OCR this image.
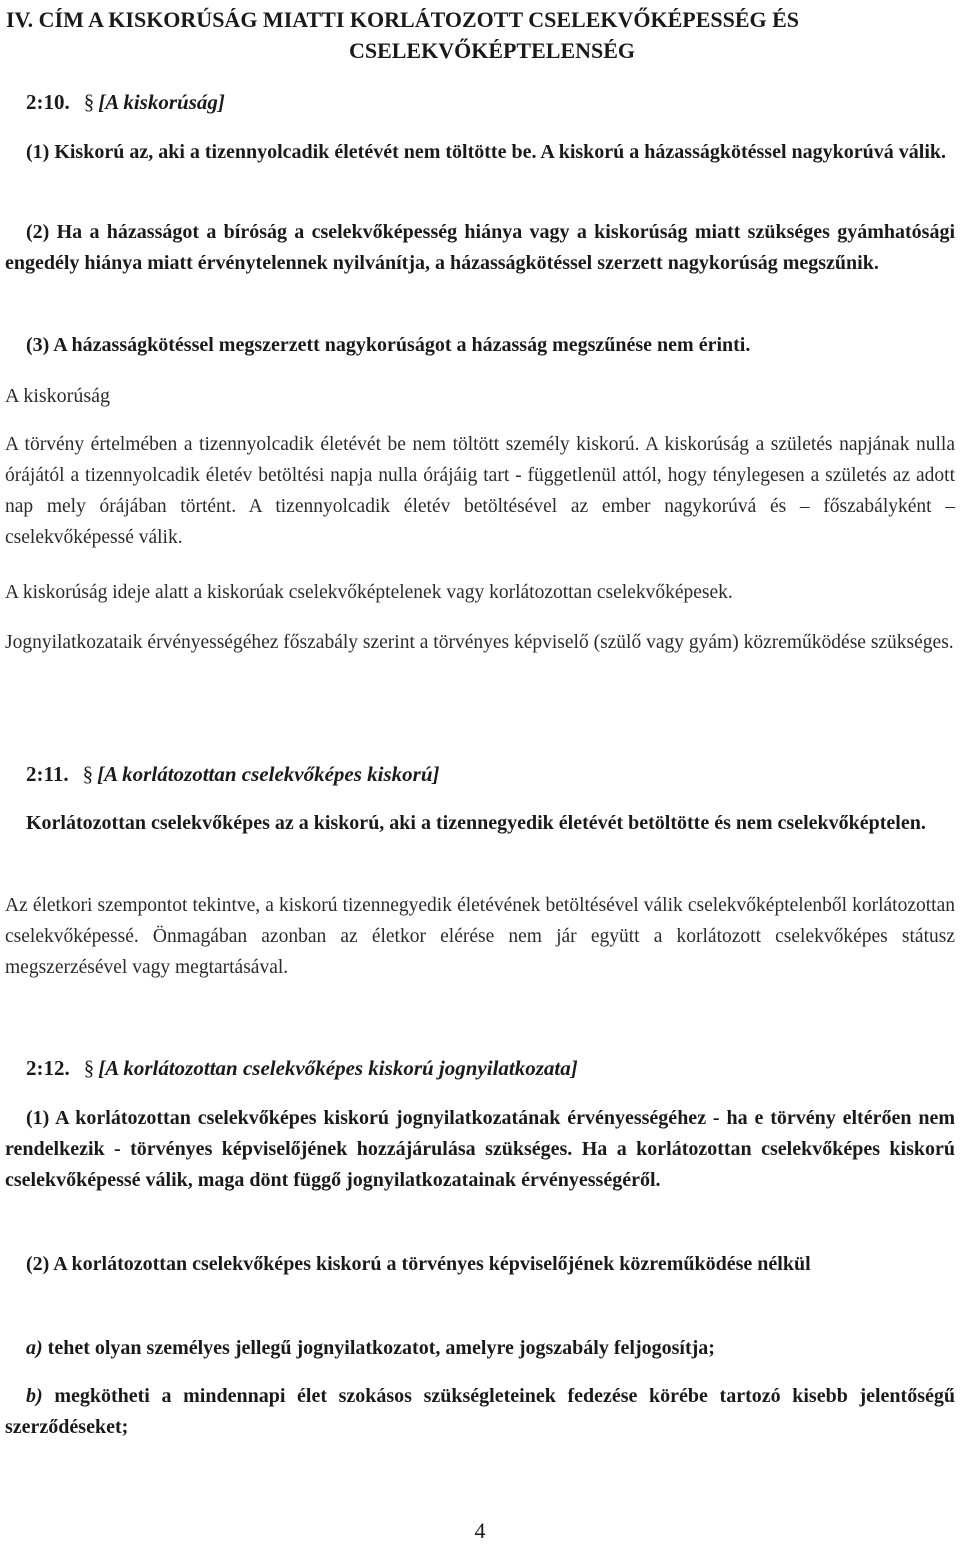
IV. CÍM A KISKORÚSÁG MIATTI KORLÁTOZOTT CSELEKVŐKÉPESSÉG ÉS
CSELEKVŐKÉPTELENSÉG
2:10. § [A kiskorúság]

(1) Kiskorú az, aki a tizennyolcadik életévét nem töltötte be. A kiskorú a házasságkötéssel nagykorúvá válik.

(2) Ha a házasságot a bíróság a cselekvőképesség hiánya vagy a kiskorúság miatt szükséges gyámhatósági engedély hiánya miatt érvénytelennek nyilvánítja, a házasságkötéssel szerzett nagykorúság megszűnik.

(3) A házasságkötéssel megszerzett nagykorúságot a házasság megszűnése nem érinti.

A kiskorúság

A törvény értelmében a tizennyolcadik életévét be nem töltött személy kiskorú. A kiskorúság a születés napjának nulla órájától a tizennyolcadik életév betöltési napja nulla órájáig tart - függetlenül attól, hogy ténylegesen a születés az adott nap mely órájában történt. A tizennyolcadik életév betöltésével az ember nagykorúvá és – főszabályként – cselekvőképessé válik.

A kiskorúság ideje alatt a kiskorúak cselekvőképtelenek vagy korlátozottan cselekvőképesek.

Jognyilatkozataik érvényességéhez főszabály szerint a törvényes képviselő (szülő vagy gyám) közreműködése szükséges.

2:11. § [A korlátozottan cselekvőképes kiskorú]

Korlátozottan cselekvőképes az a kiskorú, aki a tizennegyedik életévét betöltötte és nem cselekvőképtelen.

Az életkori szempontot tekintve, a kiskorú tizennegyedik életévének betöltésével válik cselekvőképtelenből korlátozottan cselekvőképessé. Önmagában azonban az életkor elérése nem jár együtt a korlátozott cselekvőképes státusz megszerzésével vagy megtartásával.

2:12. § [A korlátozottan cselekvőképes kiskorú jognyilatkozata]

(1) A korlátozottan cselekvőképes kiskorú jognyilatkozatának érvényességéhez - ha e törvény eltérően nem rendelkezik - törvényes képviselőjének hozzájárulása szükséges. Ha a korlátozottan cselekvőképes kiskorú cselekvőképessé válik, maga dönt függő jognyilatkozatainak érvényességéről.

(2) A korlátozottan cselekvőképes kiskorú a törvényes képviselőjének közreműködése nélkül

a) tehet olyan személyes jellegű jognyilatkozatot, amelyre jogszabály feljogosítja;

b) megkötheti a mindennapi élet szokásos szükségleteinek fedezése körébe tartozó kisebb jelentőségű szerződéseket;

4
